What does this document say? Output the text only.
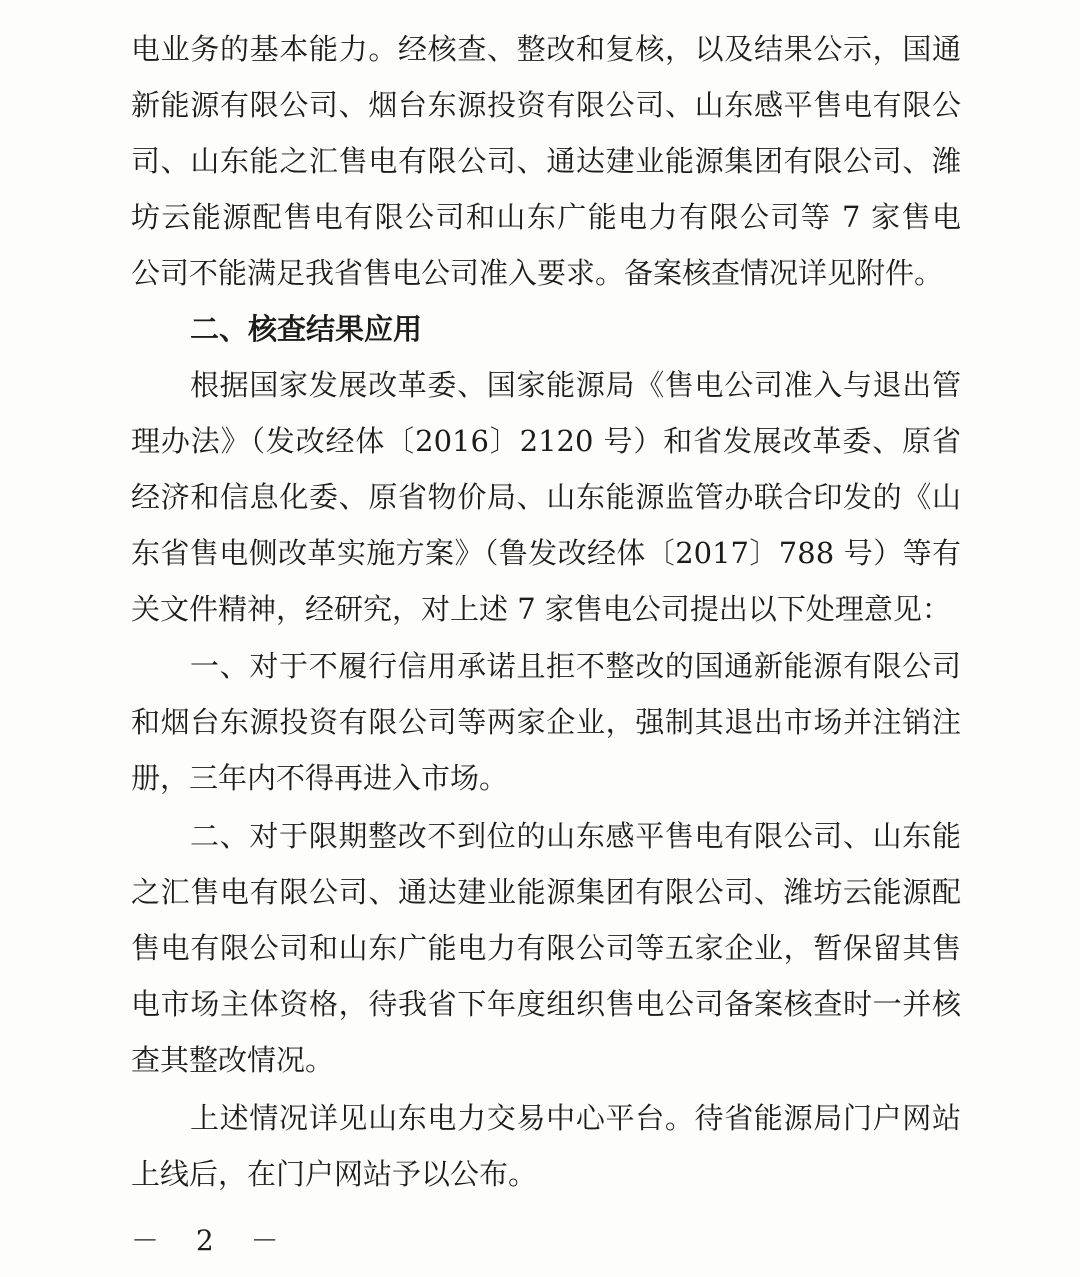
电业务的基本能力。经核查、整改和复核，以及结果公示，国通
新能源有限公司、烟台东源投资有限公司、山东感平售电有限公
司、山东能之汇售电有限公司、通达建业能源集团有限公司、潍
坊云能源配售电有限公司和山东广能电力有限公司等 7 家售电
公司不能满足我省售电公司准入要求。备案核查情况详见附件。
二、核查结果应用
根据国家发展改革委、国家能源局《售电公司准入与退出管
理办法》（发改经体〔2016〕2120 号）和省发展改革委、原省
经济和信息化委、原省物价局、山东能源监管办联合印发的《山
东省售电侧改革实施方案》（鲁发改经体〔2017〕788 号）等有
关文件精神，经研究，对上述 7 家售电公司提出以下处理意见：
一、对于不履行信用承诺且拒不整改的国通新能源有限公司
和烟台东源投资有限公司等两家企业，强制其退出市场并注销注
册，三年内不得再进入市场。
二、对于限期整改不到位的山东感平售电有限公司、山东能
之汇售电有限公司、通达建业能源集团有限公司、潍坊云能源配
售电有限公司和山东广能电力有限公司等五家企业，暂保留其售
电市场主体资格，待我省下年度组织售电公司备案核查时一并核
查其整改情况。
上述情况详见山东电力交易中心平台。待省能源局门户网站
上线后，在门户网站予以公布。
－ 2 －
